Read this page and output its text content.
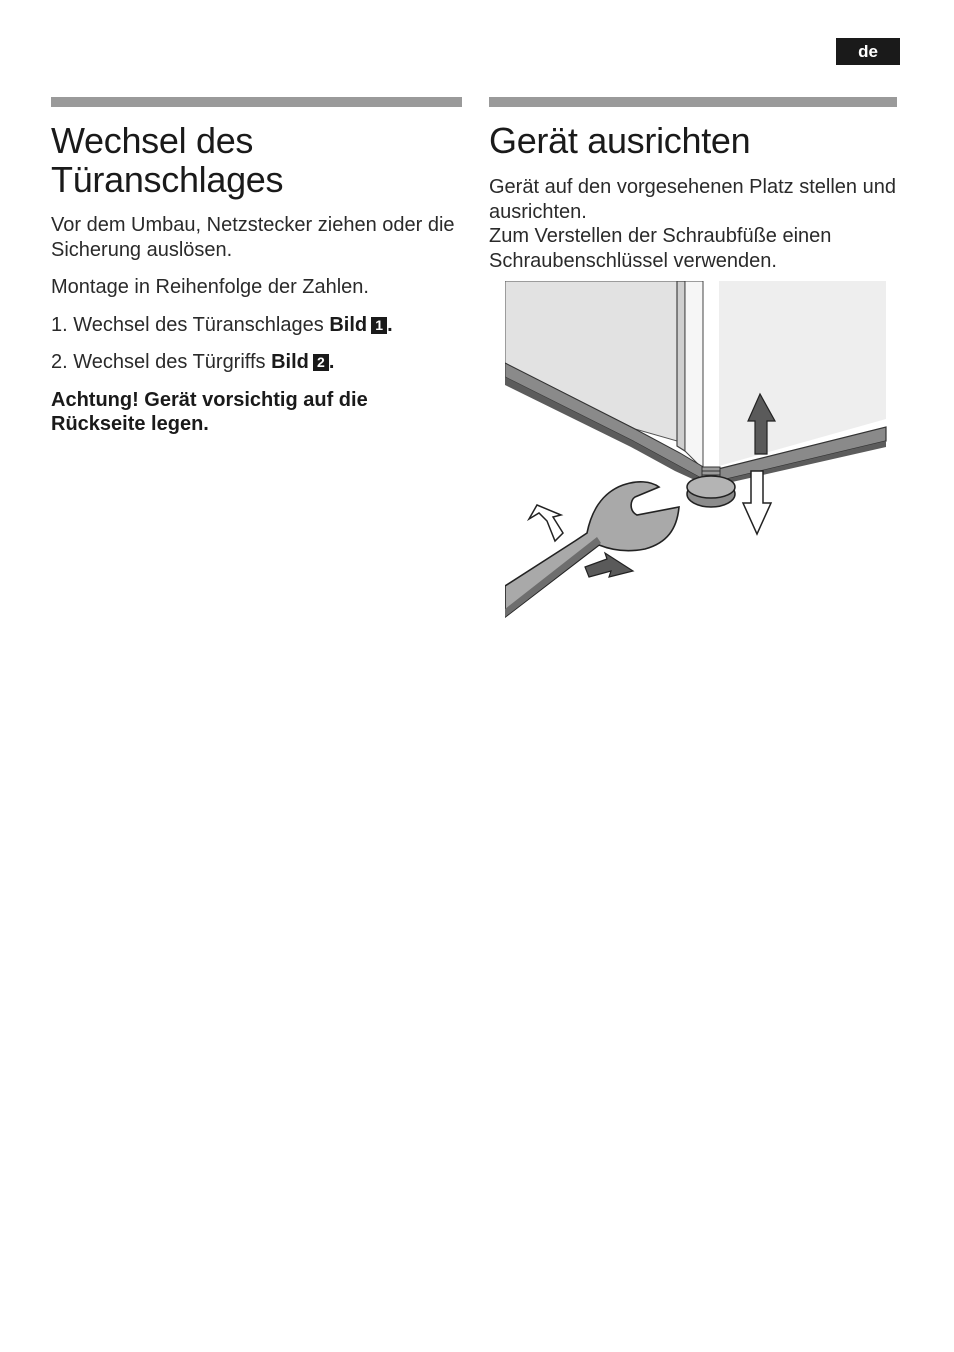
de
Wechsel des
Türanschlages

Vor dem Umbau, Netzstecker ziehen oder die Sicherung auslösen.

Montage in Reihenfolge der Zahlen.

1. Wechsel des Türanschlages Bild 1 .

2. Wechsel des Türgriffs Bild 2 .

Achtung! Gerät vorsichtig auf die Rückseite legen.

Gerät ausrichten

Gerät auf den vorgesehenen Platz stellen und ausrichten.

Zum Verstellen der Schraubfüße einen Schraubenschlüssel verwenden.
